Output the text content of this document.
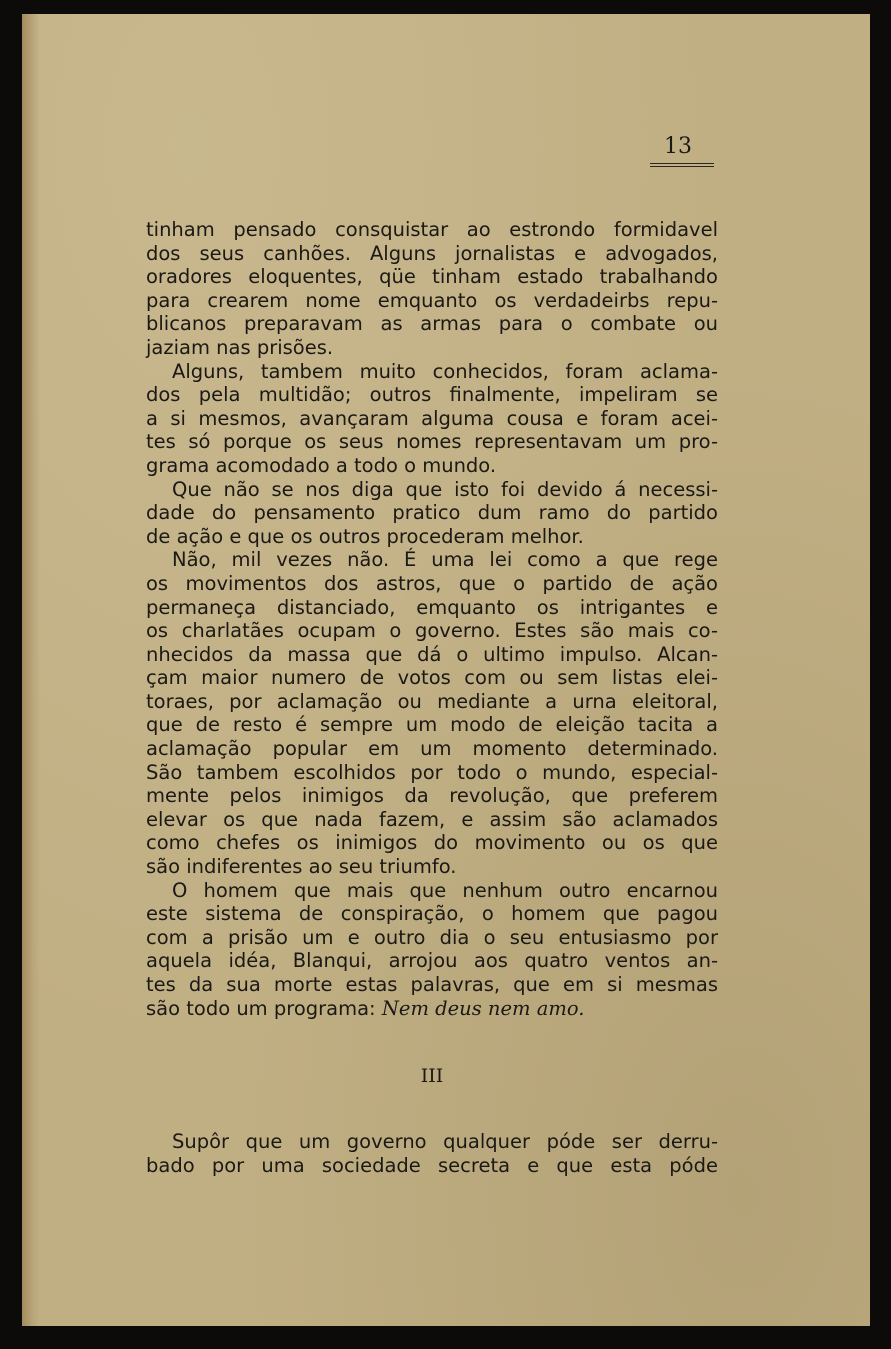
13
tinham pensado consquistar ao estrondo formidavel
dos seus canhões. Alguns jornalistas e advogados,
oradores eloquentes, qüe tinham estado trabalhando
para crearem nome emquanto os verdadeirbs repu-
blicanos preparavam as armas para o combate ou
jaziam nas prisões.
Alguns, tambem muito conhecidos, foram aclama-
dos pela multidão; outros finalmente, impeliram se
a si mesmos, avançaram alguma cousa e foram acei-
tes só porque os seus nomes representavam um pro-
grama acomodado a todo o mundo.
Que não se nos diga que isto foi devido á necessi-
dade do pensamento pratico dum ramo do partido
de ação e que os outros procederam melhor.
Não, mil vezes não. É uma lei como a que rege
os movimentos dos astros, que o partido de ação
permaneça distanciado, emquanto os intrigantes e
os charlatães ocupam o governo. Estes são mais co-
nhecidos da massa que dá o ultimo impulso. Alcan-
çam maior numero de votos com ou sem listas elei-
toraes, por aclamação ou mediante a urna eleitoral,
que de resto é sempre um modo de eleição tacita a
aclamação popular em um momento determinado.
São tambem escolhidos por todo o mundo, especial-
mente pelos inimigos da revolução, que preferem
elevar os que nada fazem, e assim são aclamados
como chefes os inimigos do movimento ou os que
são indiferentes ao seu triumfo.
O homem que mais que nenhum outro encarnou
este sistema de conspiração, o homem que pagou
com a prisão um e outro dia o seu entusiasmo por
aquela idéa, Blanqui, arrojou aos quatro ventos an-
tes da sua morte estas palavras, que em si mesmas
são todo um programa: Nem deus nem amo.
III
Supôr que um governo qualquer póde ser derru-
bado por uma sociedade secreta e que esta póde
